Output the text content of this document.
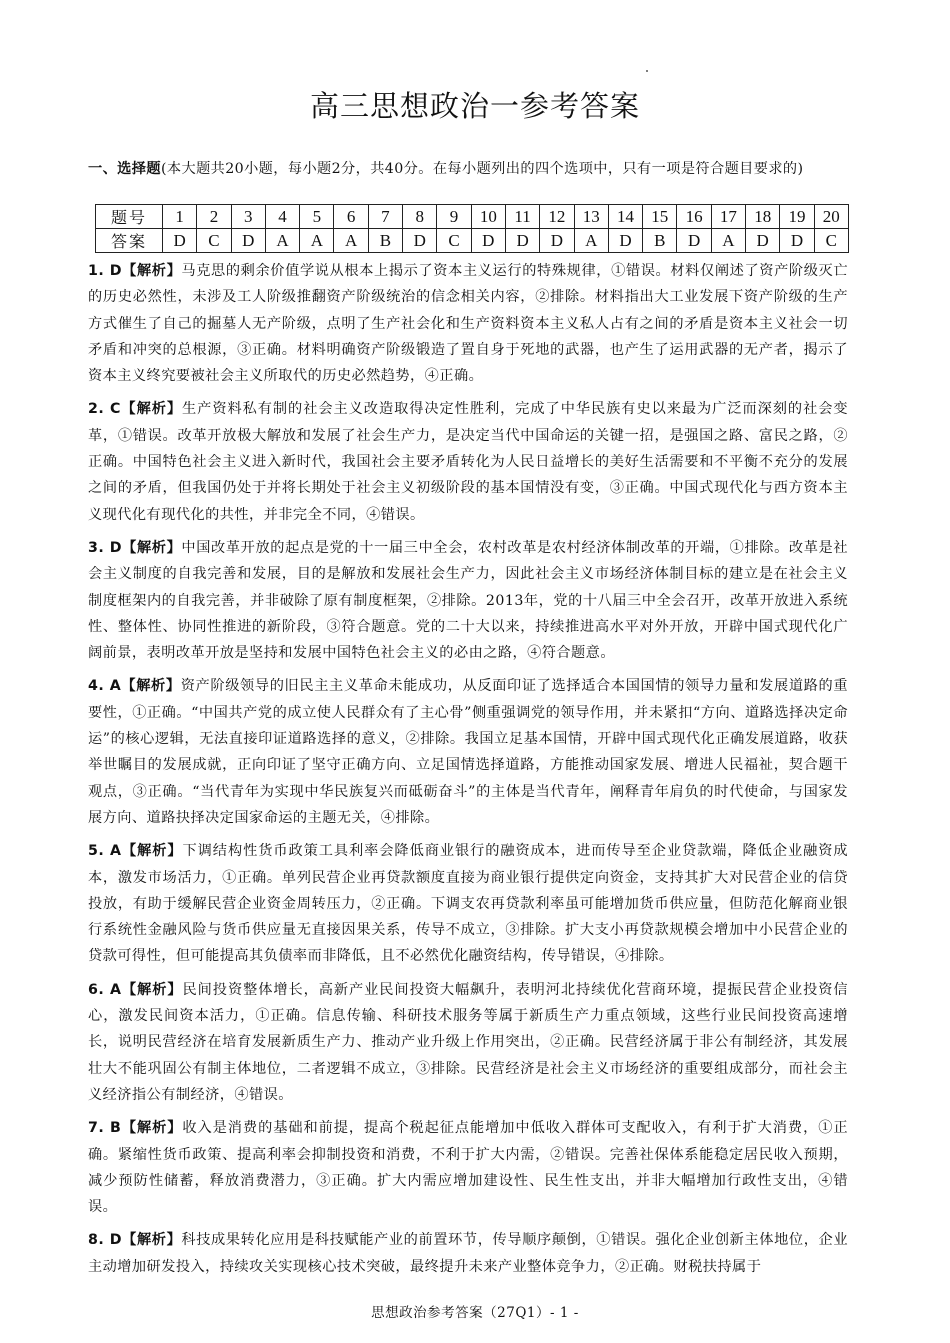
高三思想政治一参考答案
一、选择题(本大题共20小题，每小题2分，共40分。在每小题列出的四个选项中，只有一项是符合题目要求的)
题号	1	2	3	4	5	6	7	8	9	10	11	12	13	14	15	16	17	18	19	20
答案	D	C	D	A	A	A	B	D	C	D	D	D	A	D	B	D	A	D	D	C
1. D【解析】马克思的剩余价值学说从根本上揭示了资本主义运行的特殊规律，①错误。材料仅阐述了资产阶级灭亡的历史必然性，未涉及工人阶级推翻资产阶级统治的信念相关内容，②排除。材料指出大工业发展下资产阶级的生产方式催生了自己的掘墓人无产阶级，点明了生产社会化和生产资料资本主义私人占有之间的矛盾是资本主义社会一切矛盾和冲突的总根源，③正确。材料明确资产阶级锻造了置自身于死地的武器，也产生了运用武器的无产者，揭示了资本主义终究要被社会主义所取代的历史必然趋势，④正确。
2. C【解析】生产资料私有制的社会主义改造取得决定性胜利，完成了中华民族有史以来最为广泛而深刻的社会变革，①错误。改革开放极大解放和发展了社会生产力，是决定当代中国命运的关键一招，是强国之路、富民之路，②正确。中国特色社会主义进入新时代，我国社会主要矛盾转化为人民日益增长的美好生活需要和不平衡不充分的发展之间的矛盾，但我国仍处于并将长期处于社会主义初级阶段的基本国情没有变，③正确。中国式现代化与西方资本主义现代化有现代化的共性，并非完全不同，④错误。
3. D【解析】中国改革开放的起点是党的十一届三中全会，农村改革是农村经济体制改革的开端，①排除。改革是社会主义制度的自我完善和发展，目的是解放和发展社会生产力，因此社会主义市场经济体制目标的建立是在社会主义制度框架内的自我完善，并非破除了原有制度框架，②排除。2013年，党的十八届三中全会召开，改革开放进入系统性、整体性、协同性推进的新阶段，③符合题意。党的二十大以来，持续推进高水平对外开放，开辟中国式现代化广阔前景，表明改革开放是坚持和发展中国特色社会主义的必由之路，④符合题意。
4. A【解析】资产阶级领导的旧民主主义革命未能成功，从反面印证了选择适合本国国情的领导力量和发展道路的重要性，①正确。“中国共产党的成立使人民群众有了主心骨”侧重强调党的领导作用，并未紧扣“方向、道路选择决定命运”的核心逻辑，无法直接印证道路选择的意义，②排除。我国立足基本国情，开辟中国式现代化正确发展道路，收获举世瞩目的发展成就，正向印证了坚守正确方向、立足国情选择道路，方能推动国家发展、增进人民福祉，契合题干观点，③正确。“当代青年为实现中华民族复兴而砥砺奋斗”的主体是当代青年，阐释青年肩负的时代使命，与国家发展方向、道路抉择决定国家命运的主题无关，④排除。
5. A【解析】下调结构性货币政策工具利率会降低商业银行的融资成本，进而传导至企业贷款端，降低企业融资成本，激发市场活力，①正确。单列民营企业再贷款额度直接为商业银行提供定向资金，支持其扩大对民营企业的信贷投放，有助于缓解民营企业资金周转压力，②正确。下调支农再贷款利率虽可能增加货币供应量，但防范化解商业银行系统性金融风险与货币供应量无直接因果关系，传导不成立，③排除。扩大支小再贷款规模会增加中小民营企业的贷款可得性，但可能提高其负债率而非降低，且不必然优化融资结构，传导错误，④排除。
6. A【解析】民间投资整体增长，高新产业民间投资大幅飙升，表明河北持续优化营商环境，提振民营企业投资信心，激发民间资本活力，①正确。信息传输、科研技术服务等属于新质生产力重点领域，这些行业民间投资高速增长，说明民营经济在培育发展新质生产力、推动产业升级上作用突出，②正确。民营经济属于非公有制经济，其发展壮大不能巩固公有制主体地位，二者逻辑不成立，③排除。民营经济是社会主义市场经济的重要组成部分，而社会主义经济指公有制经济，④错误。
7. B【解析】收入是消费的基础和前提，提高个税起征点能增加中低收入群体可支配收入，有利于扩大消费，①正确。紧缩性货币政策、提高利率会抑制投资和消费，不利于扩大内需，②错误。完善社保体系能稳定居民收入预期，减少预防性储蓄，释放消费潜力，③正确。扩大内需应增加建设性、民生性支出，并非大幅增加行政性支出，④错误。
8. D【解析】科技成果转化应用是科技赋能产业的前置环节，传导顺序颠倒，①错误。强化企业创新主体地位，企业主动增加研发投入，持续攻关实现核心技术突破，最终提升未来产业整体竞争力，②正确。财税扶持属于
思想政治参考答案（27Q1）- 1 -
